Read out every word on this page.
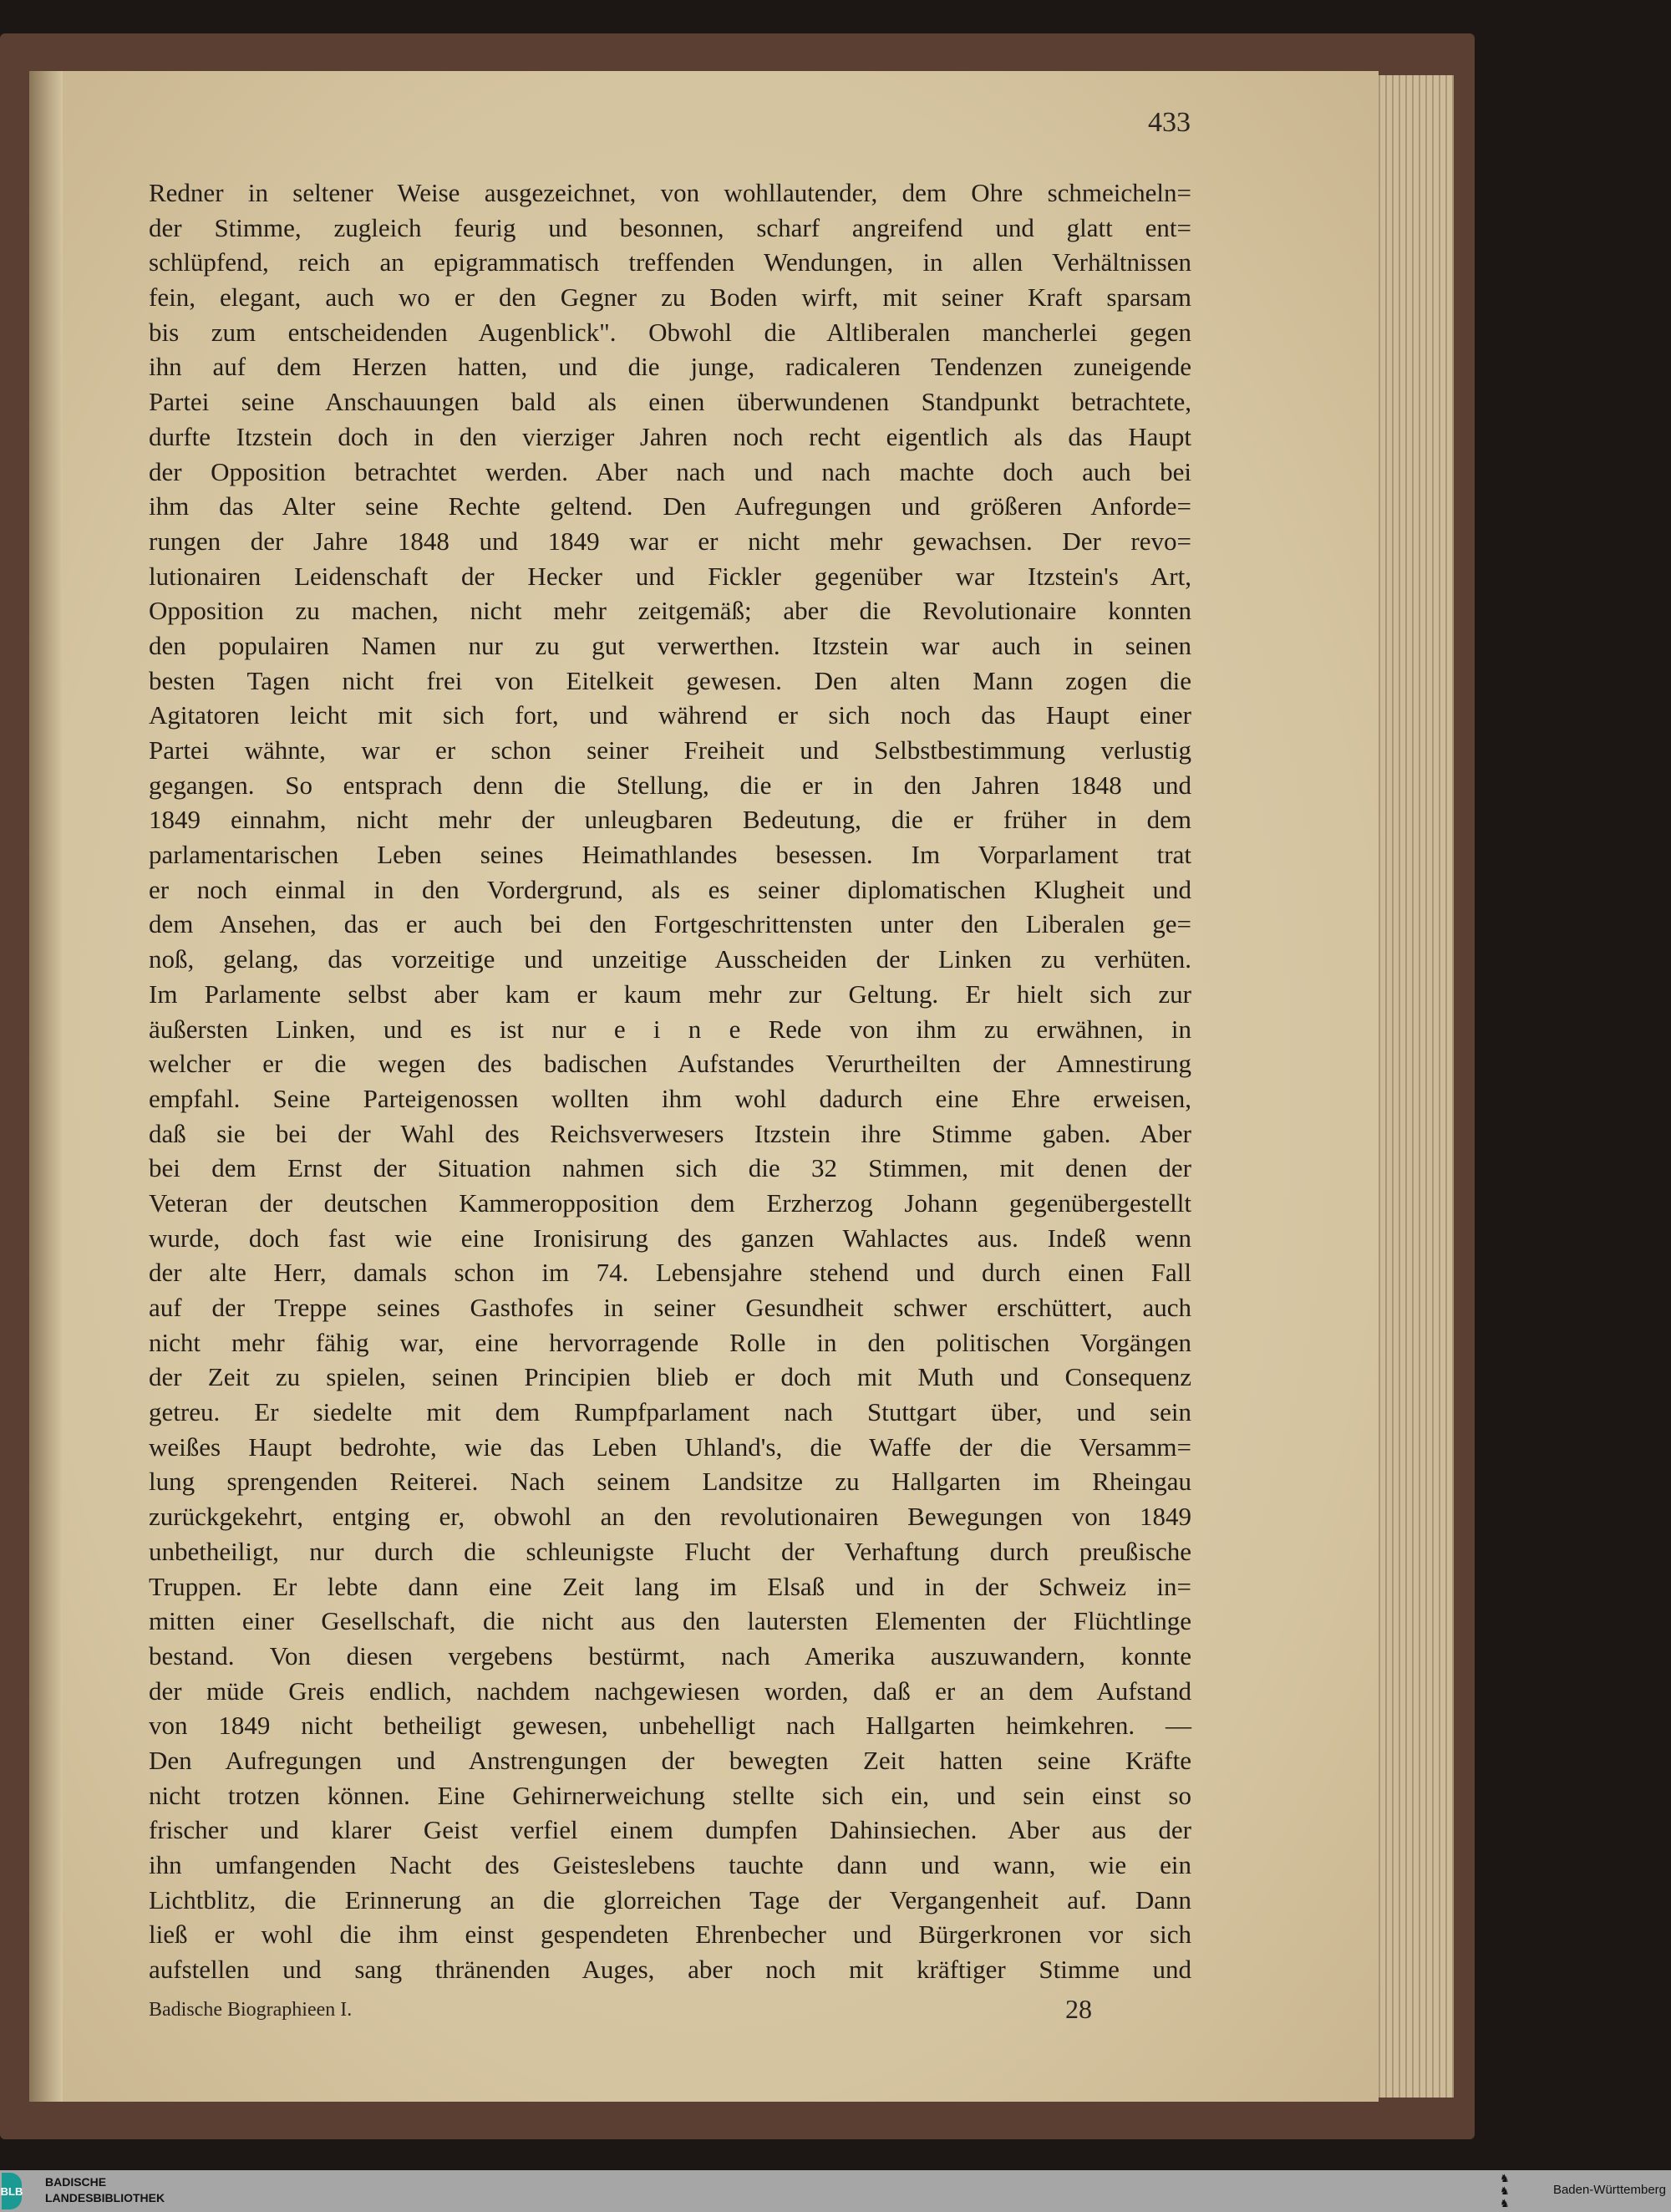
433
Redner in seltener Weise ausgezeichnet, von wohllautender, dem Ohre schmeicheln=
der Stimme, zugleich feurig und besonnen, scharf angreifend und glatt ent=
schlüpfend, reich an epigrammatisch treffenden Wendungen, in allen Verhältnissen
fein, elegant, auch wo er den Gegner zu Boden wirft, mit seiner Kraft sparsam
bis zum entscheidenden Augenblick". Obwohl die Altliberalen mancherlei gegen
ihn auf dem Herzen hatten, und die junge, radicaleren Tendenzen zuneigende
Partei seine Anschauungen bald als einen überwundenen Standpunkt betrachtete,
durfte Itzstein doch in den vierziger Jahren noch recht eigentlich als das Haupt
der Opposition betrachtet werden. Aber nach und nach machte doch auch bei
ihm das Alter seine Rechte geltend. Den Aufregungen und größeren Anforde=
rungen der Jahre 1848 und 1849 war er nicht mehr gewachsen. Der revo=
lutionairen Leidenschaft der Hecker und Fickler gegenüber war Itzstein's Art,
Opposition zu machen, nicht mehr zeitgemäß; aber die Revolutionaire konnten
den populairen Namen nur zu gut verwerthen. Itzstein war auch in seinen
besten Tagen nicht frei von Eitelkeit gewesen. Den alten Mann zogen die
Agitatoren leicht mit sich fort, und während er sich noch das Haupt einer
Partei wähnte, war er schon seiner Freiheit und Selbstbestimmung verlustig
gegangen. So entsprach denn die Stellung, die er in den Jahren 1848 und
1849 einnahm, nicht mehr der unleugbaren Bedeutung, die er früher in dem
parlamentarischen Leben seines Heimathlandes besessen. Im Vorparlament trat
er noch einmal in den Vordergrund, als es seiner diplomatischen Klugheit und
dem Ansehen, das er auch bei den Fortgeschrittensten unter den Liberalen ge=
noß, gelang, das vorzeitige und unzeitige Ausscheiden der Linken zu verhüten.
Im Parlamente selbst aber kam er kaum mehr zur Geltung. Er hielt sich zur
äußersten Linken, und es ist nur e i n e Rede von ihm zu erwähnen, in
welcher er die wegen des badischen Aufstandes Verurtheilten der Amnestirung
empfahl. Seine Parteigenossen wollten ihm wohl dadurch eine Ehre erweisen,
daß sie bei der Wahl des Reichsverwesers Itzstein ihre Stimme gaben. Aber
bei dem Ernst der Situation nahmen sich die 32 Stimmen, mit denen der
Veteran der deutschen Kammeropposition dem Erzherzog Johann gegenübergestellt
wurde, doch fast wie eine Ironisirung des ganzen Wahlactes aus. Indeß wenn
der alte Herr, damals schon im 74. Lebensjahre stehend und durch einen Fall
auf der Treppe seines Gasthofes in seiner Gesundheit schwer erschüttert, auch
nicht mehr fähig war, eine hervorragende Rolle in den politischen Vorgängen
der Zeit zu spielen, seinen Principien blieb er doch mit Muth und Consequenz
getreu. Er siedelte mit dem Rumpfparlament nach Stuttgart über, und sein
weißes Haupt bedrohte, wie das Leben Uhland's, die Waffe der die Versamm=
lung sprengenden Reiterei. Nach seinem Landsitze zu Hallgarten im Rheingau
zurückgekehrt, entging er, obwohl an den revolutionairen Bewegungen von 1849
unbetheiligt, nur durch die schleunigste Flucht der Verhaftung durch preußische
Truppen. Er lebte dann eine Zeit lang im Elsaß und in der Schweiz in=
mitten einer Gesellschaft, die nicht aus den lautersten Elementen der Flüchtlinge
bestand. Von diesen vergebens bestürmt, nach Amerika auszuwandern, konnte
der müde Greis endlich, nachdem nachgewiesen worden, daß er an dem Aufstand
von 1849 nicht betheiligt gewesen, unbehelligt nach Hallgarten heimkehren. —
Den Aufregungen und Anstrengungen der bewegten Zeit hatten seine Kräfte
nicht trotzen können. Eine Gehirnerweichung stellte sich ein, und sein einst so
frischer und klarer Geist verfiel einem dumpfen Dahinsiechen. Aber aus der
ihn umfangenden Nacht des Geisteslebens tauchte dann und wann, wie ein
Lichtblitz, die Erinnerung an die glorreichen Tage der Vergangenheit auf. Dann
ließ er wohl die ihm einst gespendeten Ehrenbecher und Bürgerkronen vor sich
aufstellen und sang thränenden Auges, aber noch mit kräftiger Stimme und
Badische Biographieen I.	28
BLB
BADISCHE
LANDESBIBLIOTHEK
♞
♞
♞
Baden-Württemberg
